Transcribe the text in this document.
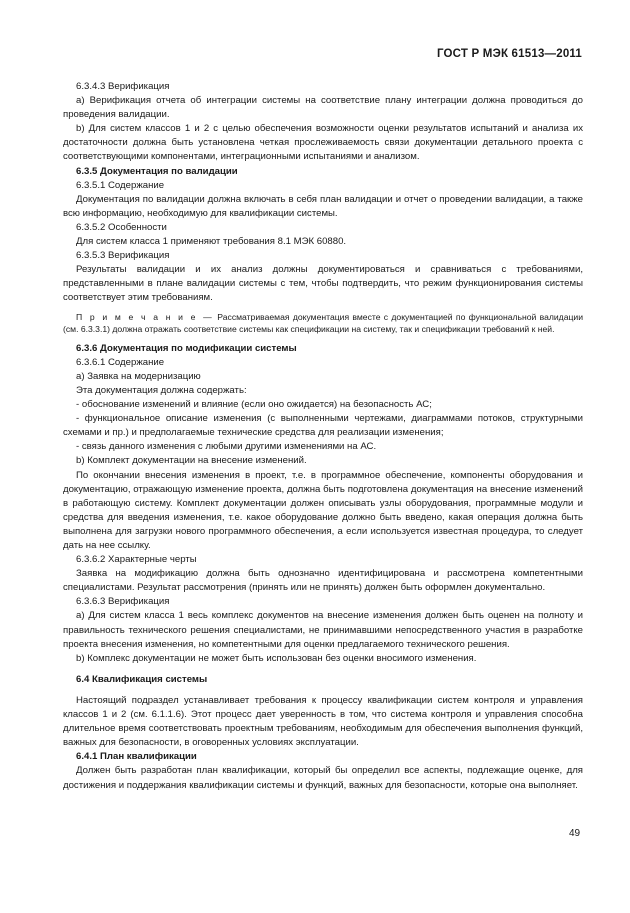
ГОСТ Р МЭК 61513—2011

6.3.4.3 Верификация

a) Верификация отчета об интеграции системы на соответствие плану интеграции должна проводиться до проведения валидации.

b) Для систем классов 1 и 2 с целью обеспечения возможности оценки результатов испытаний и анализа их достаточности должна быть установлена четкая прослеживаемость связи документации детального проекта с соответствующими компонентами, интеграционными испытаниями и анализом.

6.3.5 Документация по валидации

6.3.5.1 Содержание

Документация по валидации должна включать в себя план валидации и отчет о проведении валидации, а также всю информацию, необходимую для квалификации системы.

6.3.5.2 Особенности

Для систем класса 1 применяют требования 8.1 МЭК 60880.

6.3.5.3 Верификация

Результаты валидации и их анализ должны документироваться и сравниваться с требованиями, представленными в плане валидации системы с тем, чтобы подтвердить, что режим функционирования системы соответствует этим требованиям.

П р и м е ч а н и е — Рассматриваемая документация вместе с документацией по функциональной валидации (см. 6.3.3.1) должна отражать соответствие системы как спецификации на систему, так и спецификации требований к ней.

6.3.6 Документация по модификации системы

6.3.6.1 Содержание

a) Заявка на модернизацию

Эта документация должна содержать:

- обоснование изменений и влияние (если оно ожидается) на безопасность АС;

- функциональное описание изменения (с выполненными чертежами, диаграммами потоков, структурными схемами и пр.) и предполагаемые технические средства для реализации изменения;

- связь данного изменения с любыми другими изменениями на АС.

b) Комплект документации на внесение изменений.

По окончании внесения изменения в проект, т.е. в программное обеспечение, компоненты оборудования и документацию, отражающую изменение проекта, должна быть подготовлена документация на внесение изменений в работающую систему. Комплект документации должен описывать узлы оборудования, программные модули и средства для введения изменения, т.е. какое оборудование должно быть введено, какая операция должна быть выполнена для загрузки нового программного обеспечения, а если используется известная процедура, то следует дать на нее ссылку.

6.3.6.2 Характерные черты

Заявка на модификацию должна быть однозначно идентифицирована и рассмотрена компетентными специалистами. Результат рассмотрения (принять или не принять) должен быть оформлен документально.

6.3.6.3 Верификация

a) Для систем класса 1 весь комплекс документов на внесение изменения должен быть оценен на полноту и правильность технического решения специалистами, не принимавшими непосредственного участия в разработке проекта внесения изменения, но компетентными для оценки предлагаемого технического решения.

b) Комплекс документации не может быть использован без оценки вносимого изменения.

6.4 Квалификация системы

Настоящий подраздел устанавливает требования к процессу квалификации систем контроля и управления классов 1 и 2 (см. 6.1.1.6). Этот процесс дает уверенность в том, что система контроля и управления способна длительное время соответствовать проектным требованиям, необходимым для обеспечения выполнения функций, важных для безопасности, в оговоренных условиях эксплуатации.

6.4.1 План квалификации

Должен быть разработан план квалификации, который бы определил все аспекты, подлежащие оценке, для достижения и поддержания квалификации системы и функций, важных для безопасности, которые она выполняет.

49
